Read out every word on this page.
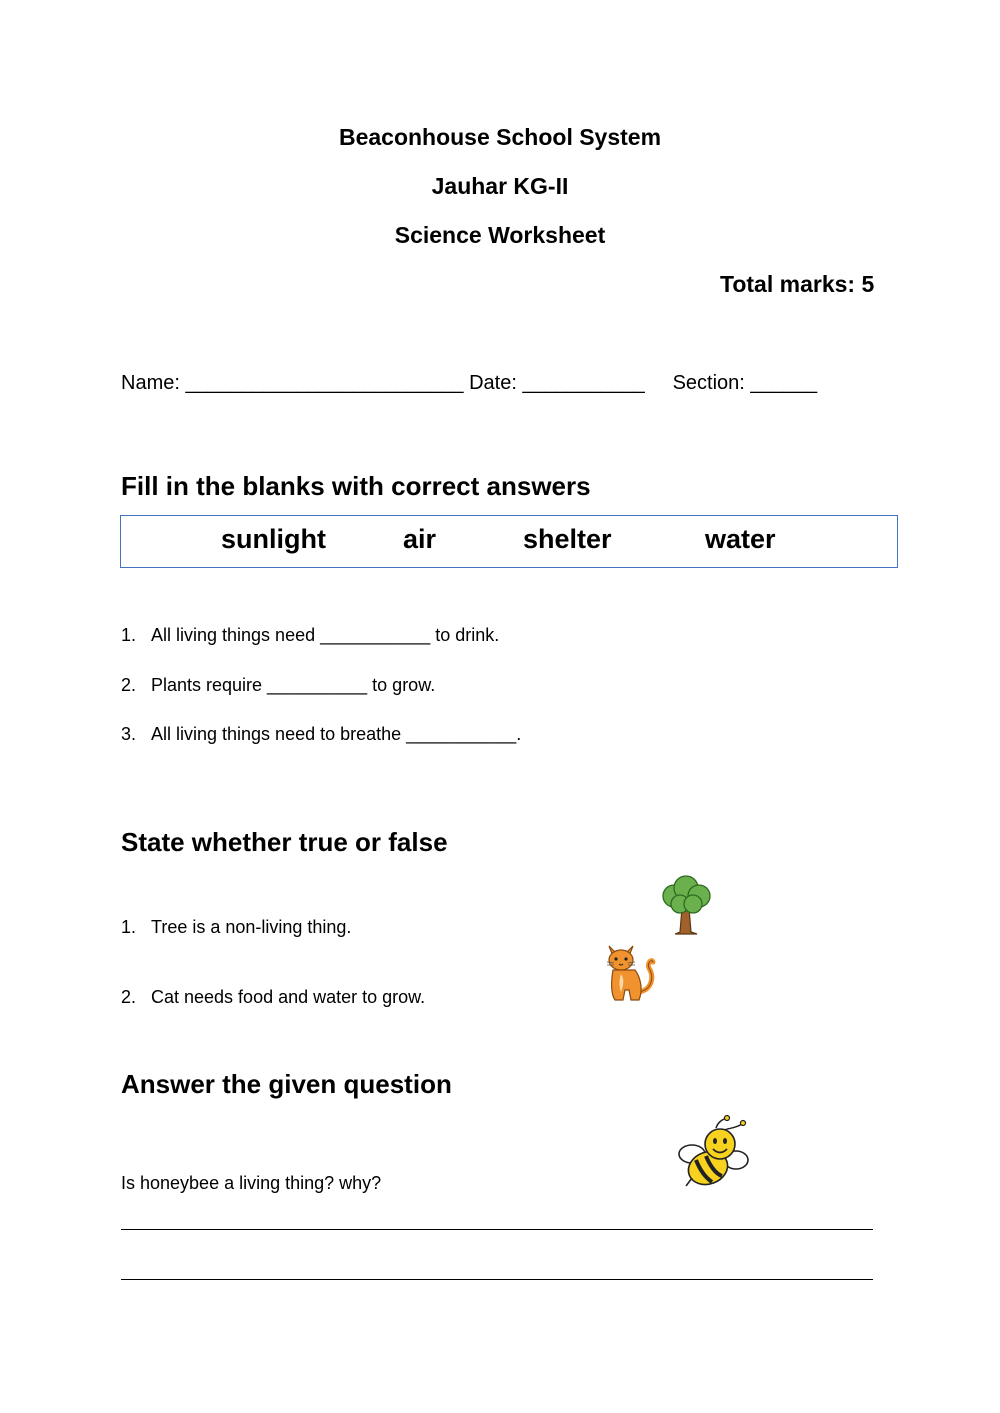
Beaconhouse School System
Jauhar KG-II
Science Worksheet
Total marks: 5
Name: _________________________ Date: ___________     Section: ______
Fill in the blanks with correct answers
sunlight	air	shelter	water
1. All living things need ___________ to drink.
2. Plants require __________ to grow.
3. All living things need to breathe ___________.
State whether true or false
1. Tree is a non-living thing.
2. Cat needs food and water to grow.
Answer the given question
Is honeybee a living thing? why?
